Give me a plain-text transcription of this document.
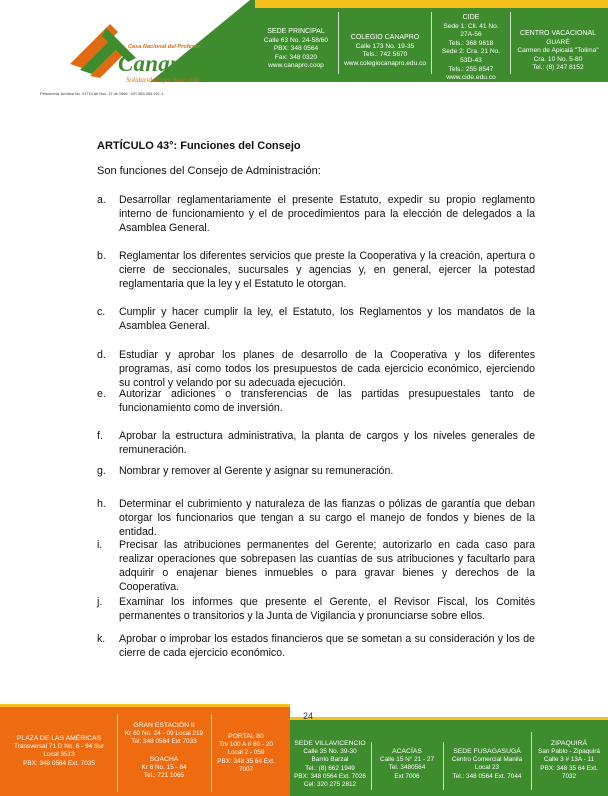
Casa Nacional del Profesor
Canapro
Solidaridad que hace vida
Personería Jurídica No. 01710 de Nov. 17 de 1966 · NIT 860.005.921-1
SEDE PRINCIPAL
Calle 63 No. 24-58/60
PBX: 348 0564
Fax: 348 0320
www.canapro.coop
COLEGIO CANAPRO
Calle 173 No. 19-35
Tels.: 742 5670
www.colegiocanapro.edu.co
CIDE
Sede 1: Cll. 41 No.
27A-56
Tels.: 368 9618
Sede 2: Cra. 21 No.
53D-43
Tels.: 255 8547
www.cide.edu.co
CENTRO VACACIONAL
GUARÉ
Carmen de Apicalá "Tolima"
Cra. 10 No. 5-80
Tel.: (8) 247 8152
ARTÍCULO 43°: Funciones del Consejo
Son funciones del Consejo de Administración:
a. Desarrollar reglamentariamente el presente Estatuto, expedir su propio reglamento interno de funcionamiento y el de procedimientos para la elección de delegados a la Asamblea General.
b. Reglamentar los diferentes servicios que preste la Cooperativa y la creación, apertura o cierre de seccionales, sucursales y agencias y, en general, ejercer la potestad reglamentaria que la ley y el Estatuto le otorgan.
c. Cumplir y hacer cumplir la ley, el Estatuto, los Reglamentos y los mandatos de la Asamblea General.
d. Estudiar y aprobar los planes de desarrollo de la Cooperativa y los diferentes programas, así como todos los presupuestos de cada ejercicio económico, ejerciendo su control y velando por su adecuada ejecución.
e. Autorizar adiciones o transferencias de las partidas presupuestales tanto de funcionamiento como de inversión.
f. Aprobar la estructura administrativa, la planta de cargos y los niveles generales de remuneración.
g. Nombrar y remover al Gerente y asignar su remuneración.
h. Determinar el cubrimiento y naturaleza de las fianzas o pólizas de garantía que deban otorgar los funcionarios que tengan a su cargo el manejo de fondos y bienes de la entidad.
i. Precisar las atribuciones permanentes del Gerente; autorizarlo en cada caso para realizar operaciones que sobrepasen las cuantías de sus atribuciones y facultarlo para adquirir o enajenar bienes inmuebles o para gravar bienes y derechos de la Cooperativa.
j. Examinar los informes que presente el Gerente, el Revisor Fiscal, los Comités permanentes o transitorios y la Junta de Vigilancia y pronunciarse sobre ellos.
k. Aprobar o improbar los estados financieros que se sometan a su consideración y los de cierre de cada ejercicio económico.
24
PLAZA DE LAS AMÉRICAS
Transversal 71 D No. 6 - 94 Sur
Local 3513
PBX: 348 0564 Ext. 7035
GRAN ESTACIÓN II
Kr 60 No. 24 - 09 Local 219
Tel: 348 0564 Ext 7033
SOACHA
Kr 6 No. 15 - 64
Tel.: 721 1065
PORTAL 80
Trv 100 A # 80 - 20
Local 2 - 059
PBX: 348 35 64 Ext.
7007
SEDE VILLAVICENCIO
Calle 35 No. 39-30
Barrio Barzal
Tel.: (8) 662 1949
PBX: 348 0564 Ext. 7026
Cel: 320 275 2812
ACACÍAS
Calle 15 N° 21 - 27
Tel. 3480564
Ext 7006
SEDE FUSAGASUGÁ
Centro Comercial Manila
Local 23
Tel.: 348 0564 Ext. 7044
ZIPAQUIRÁ
San Pablo - Zipaquirá
Calle 3 # 13A - 11
PBX: 348 35 64 Ext.
7032
